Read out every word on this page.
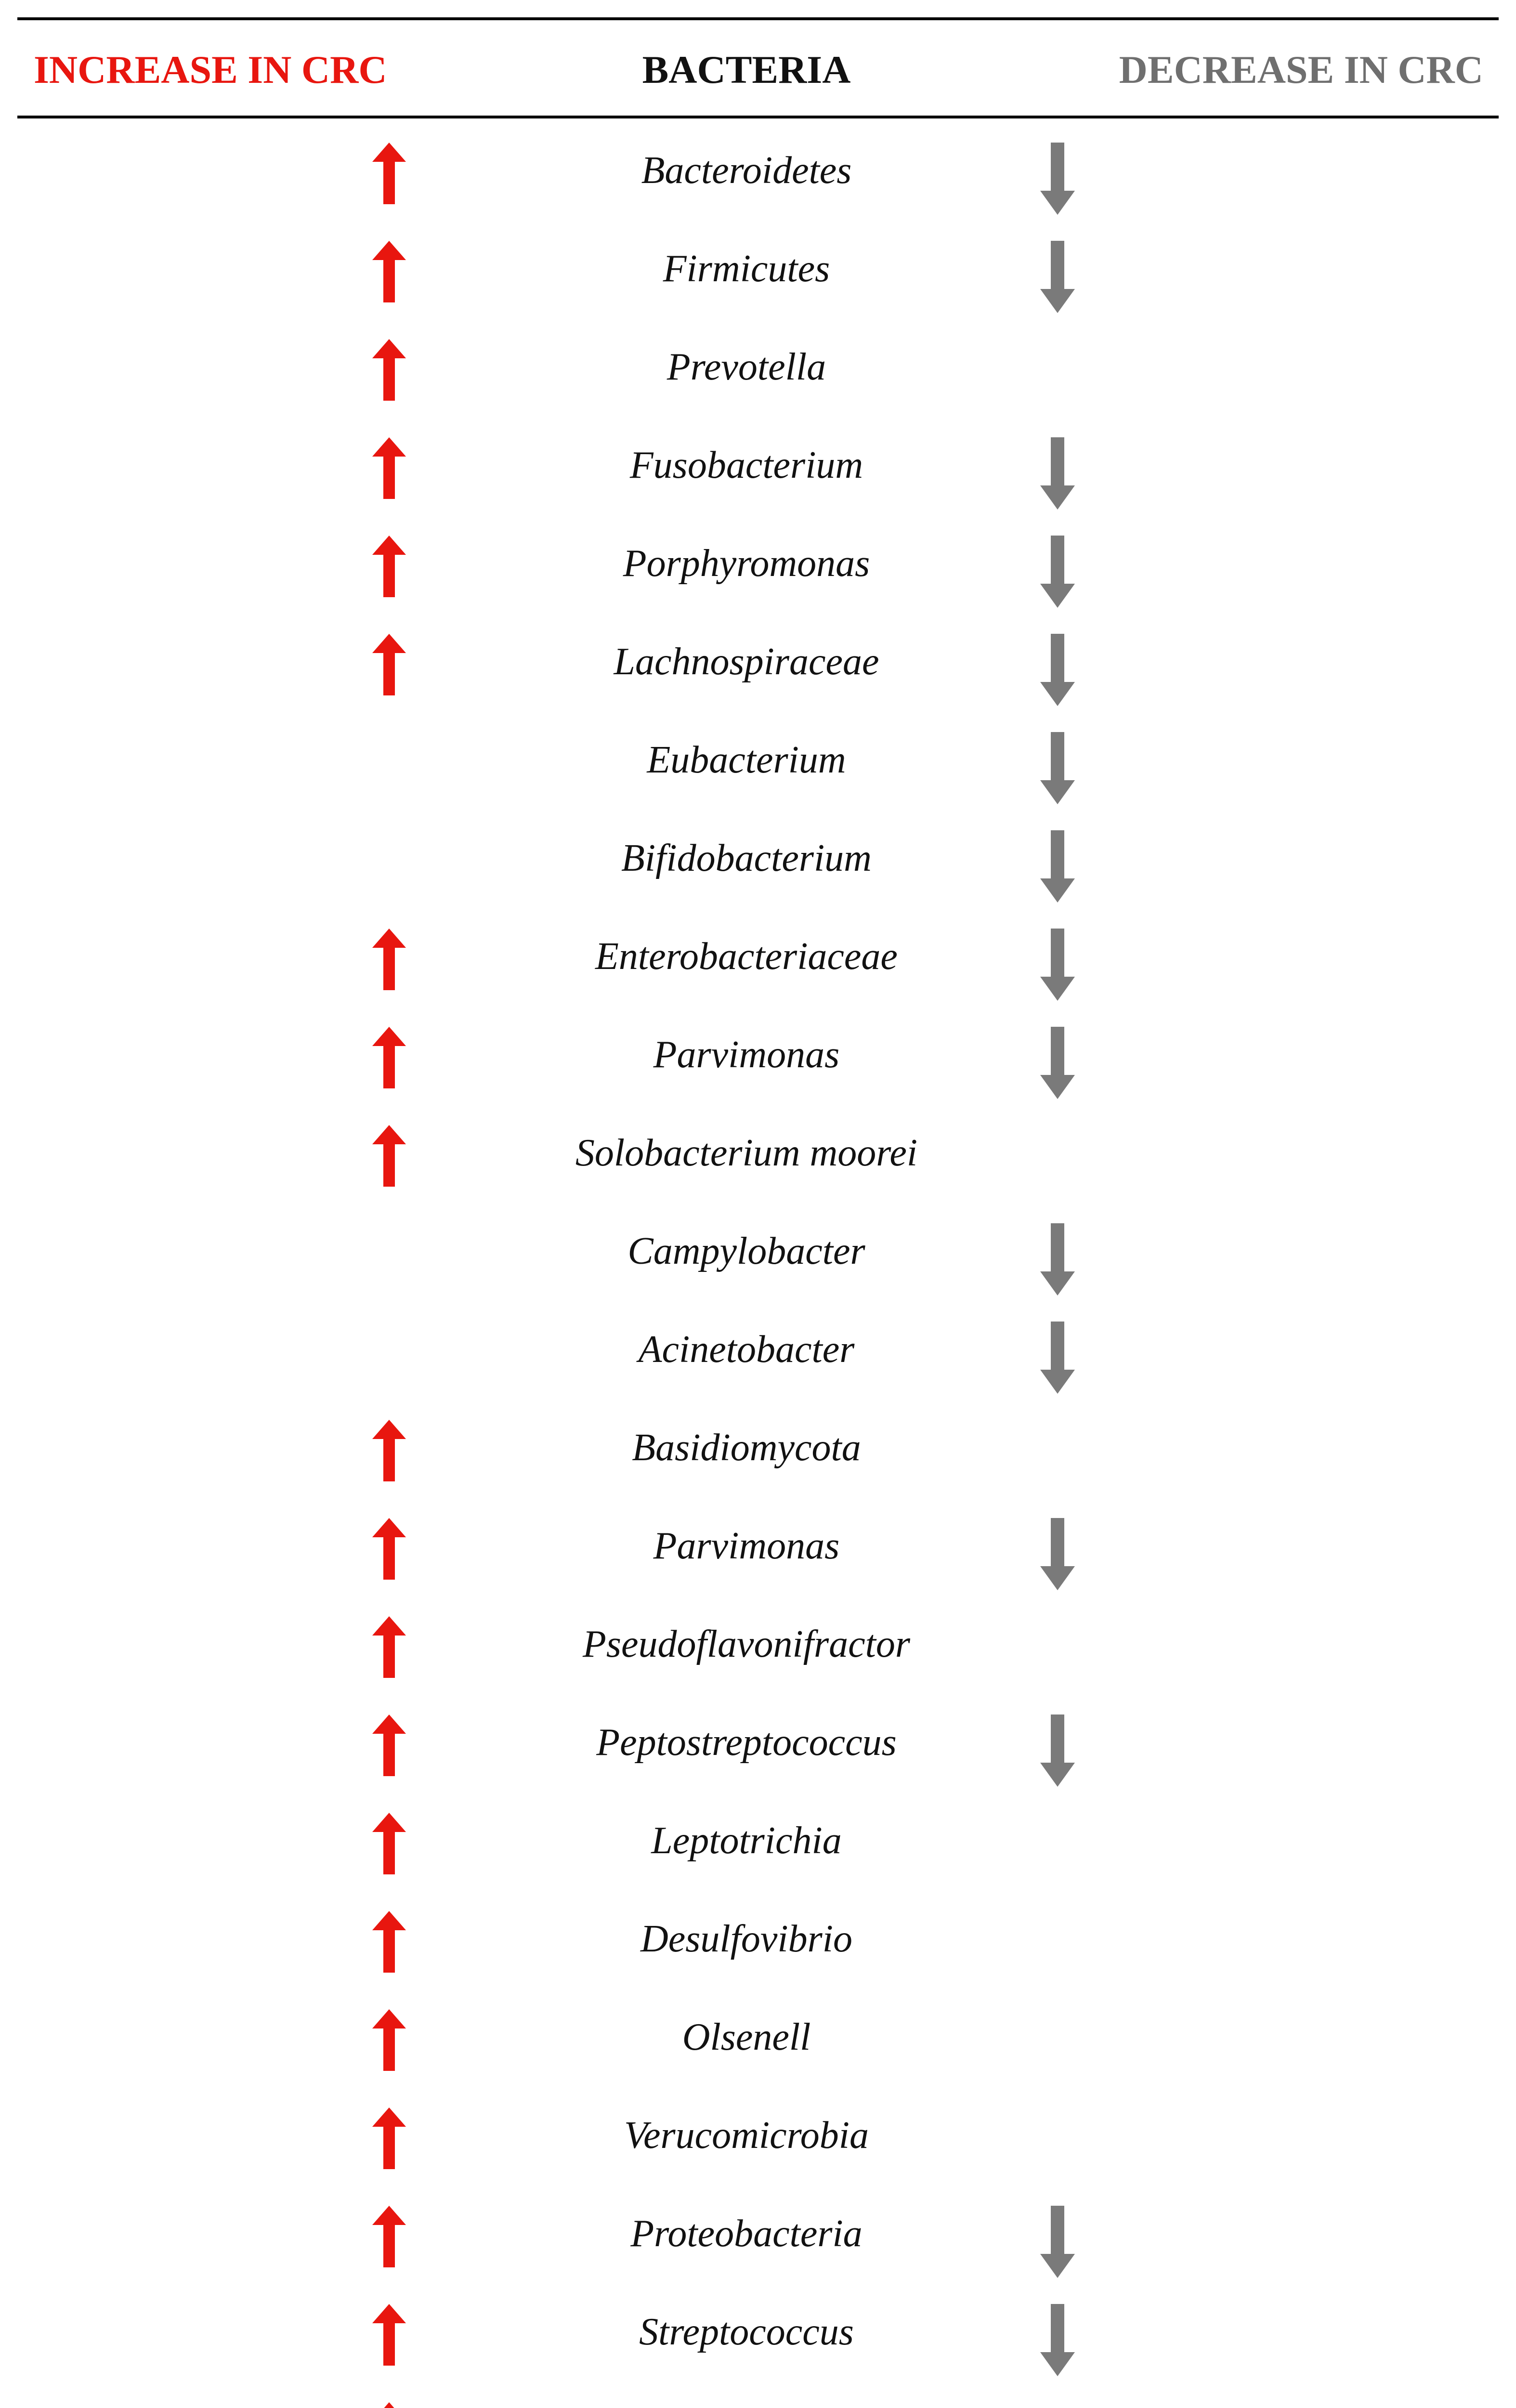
INCREASE IN CRC	BACTERIA	DECREASE IN CRC
Bacteroidetes
Firmicutes
Prevotella
Fusobacterium
Porphyromonas
Lachnospiraceae
Eubacterium
Bifidobacterium
Enterobacteriaceae
Parvimonas
Solobacterium moorei
Campylobacter
Acinetobacter
Basidiomycota
Parvimonas
Pseudoflavonifractor
Peptostreptococcus
Leptotrichia
Desulfovibrio
Olsenell
Verucomicrobia
Proteobacteria
Streptococcus
